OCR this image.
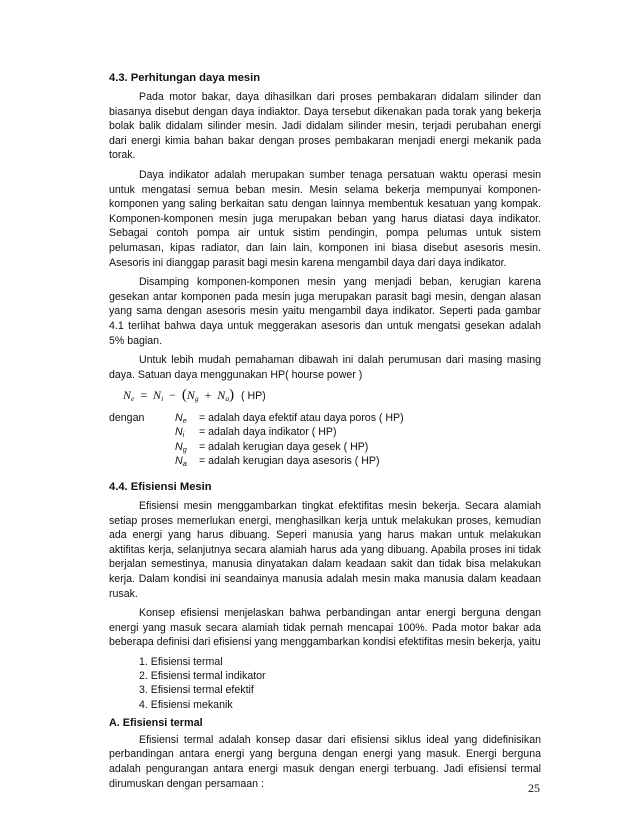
4.3. Perhitungan daya mesin

Pada motor bakar, daya dihasilkan dari proses pembakaran didalam silinder dan biasanya disebut dengan daya indiaktor. Daya tersebut dikenakan pada torak yang bekerja bolak balik didalam silinder mesin. Jadi didalam silinder mesin, terjadi perubahan energi dari energi kimia bahan bakar dengan proses pembakaran menjadi energi mekanik pada torak.

Daya indikator adalah merupakan sumber tenaga persatuan waktu operasi mesin untuk mengatasi semua beban mesin. Mesin selama bekerja mempunyai komponen-komponen yang saling berkaitan satu dengan lainnya membentuk kesatuan yang kompak. Komponen-komponen mesin juga merupakan beban yang harus diatasi daya indikator. Sebagai contoh pompa air untuk sistim pendingin, pompa pelumas untuk sistem pelumasan, kipas radiator, dan lain lain, komponen ini biasa disebut asesoris mesin. Asesoris ini dianggap parasit bagi mesin karena mengambil daya dari daya indikator.

Disamping komponen-komponen mesin yang menjadi beban, kerugian karena gesekan antar komponen pada mesin juga merupakan parasit bagi mesin, dengan alasan yang sama dengan asesoris mesin yaitu mengambil daya indikator. Seperti pada gambar 4.1 terlihat bahwa daya untuk meggerakan asesoris dan untuk mengatsi gesekan adalah 5% bagian.

Untuk lebih mudah pemahaman dibawah ini dalah perumusan dari masing masing daya. Satuan daya menggunakan HP( hourse power )

$N_e = N_i - (N_g + N_a)$ ( HP)
dengan	$N_e$	= adalah daya efektif atau daya poros ( HP)
$N_i$	= adalah daya indikator ( HP)
$N_g$	= adalah kerugian daya gesek ( HP)
$N_a$	= adalah kerugian daya asesoris ( HP)
4.4. Efisiensi Mesin

Efisiensi mesin menggambarkan tingkat efektifitas mesin bekerja. Secara alamiah setiap proses memerlukan energi, menghasilkan kerja untuk melakukan proses, kemudian ada energi yang harus dibuang. Seperi manusia yang harus makan untuk melakukan aktifitas kerja, selanjutnya secara alamiah harus ada yang dibuang. Apabila proses ini tidak berjalan semestinya, manusia dinyatakan dalam keadaan sakit dan tidak bisa melakukan kerja. Dalam kondisi ini seandainya manusia adalah mesin maka manusia dalam keadaan rusak.

Konsep efisiensi menjelaskan bahwa perbandingan antar energi berguna dengan energi yang masuk secara alamiah tidak pernah mencapai 100%. Pada motor bakar ada beberapa definisi dari efisiensi yang menggambarkan kondisi efektifitas mesin bekerja, yaitu

1. Efisiensi termal
2. Efisiensi termal indikator
3. Efisiensi termal efektif
4. Efisiensi mekanik
A. Efisiensi termal

Efisiensi termal adalah konsep dasar dari efisiensi siklus ideal yang didefinisikan perbandingan antara energi yang berguna dengan energi yang masuk. Energi berguna adalah pengurangan antara energi masuk dengan energi terbuang. Jadi efisiensi termal dirumuskan dengan persamaan :	25
